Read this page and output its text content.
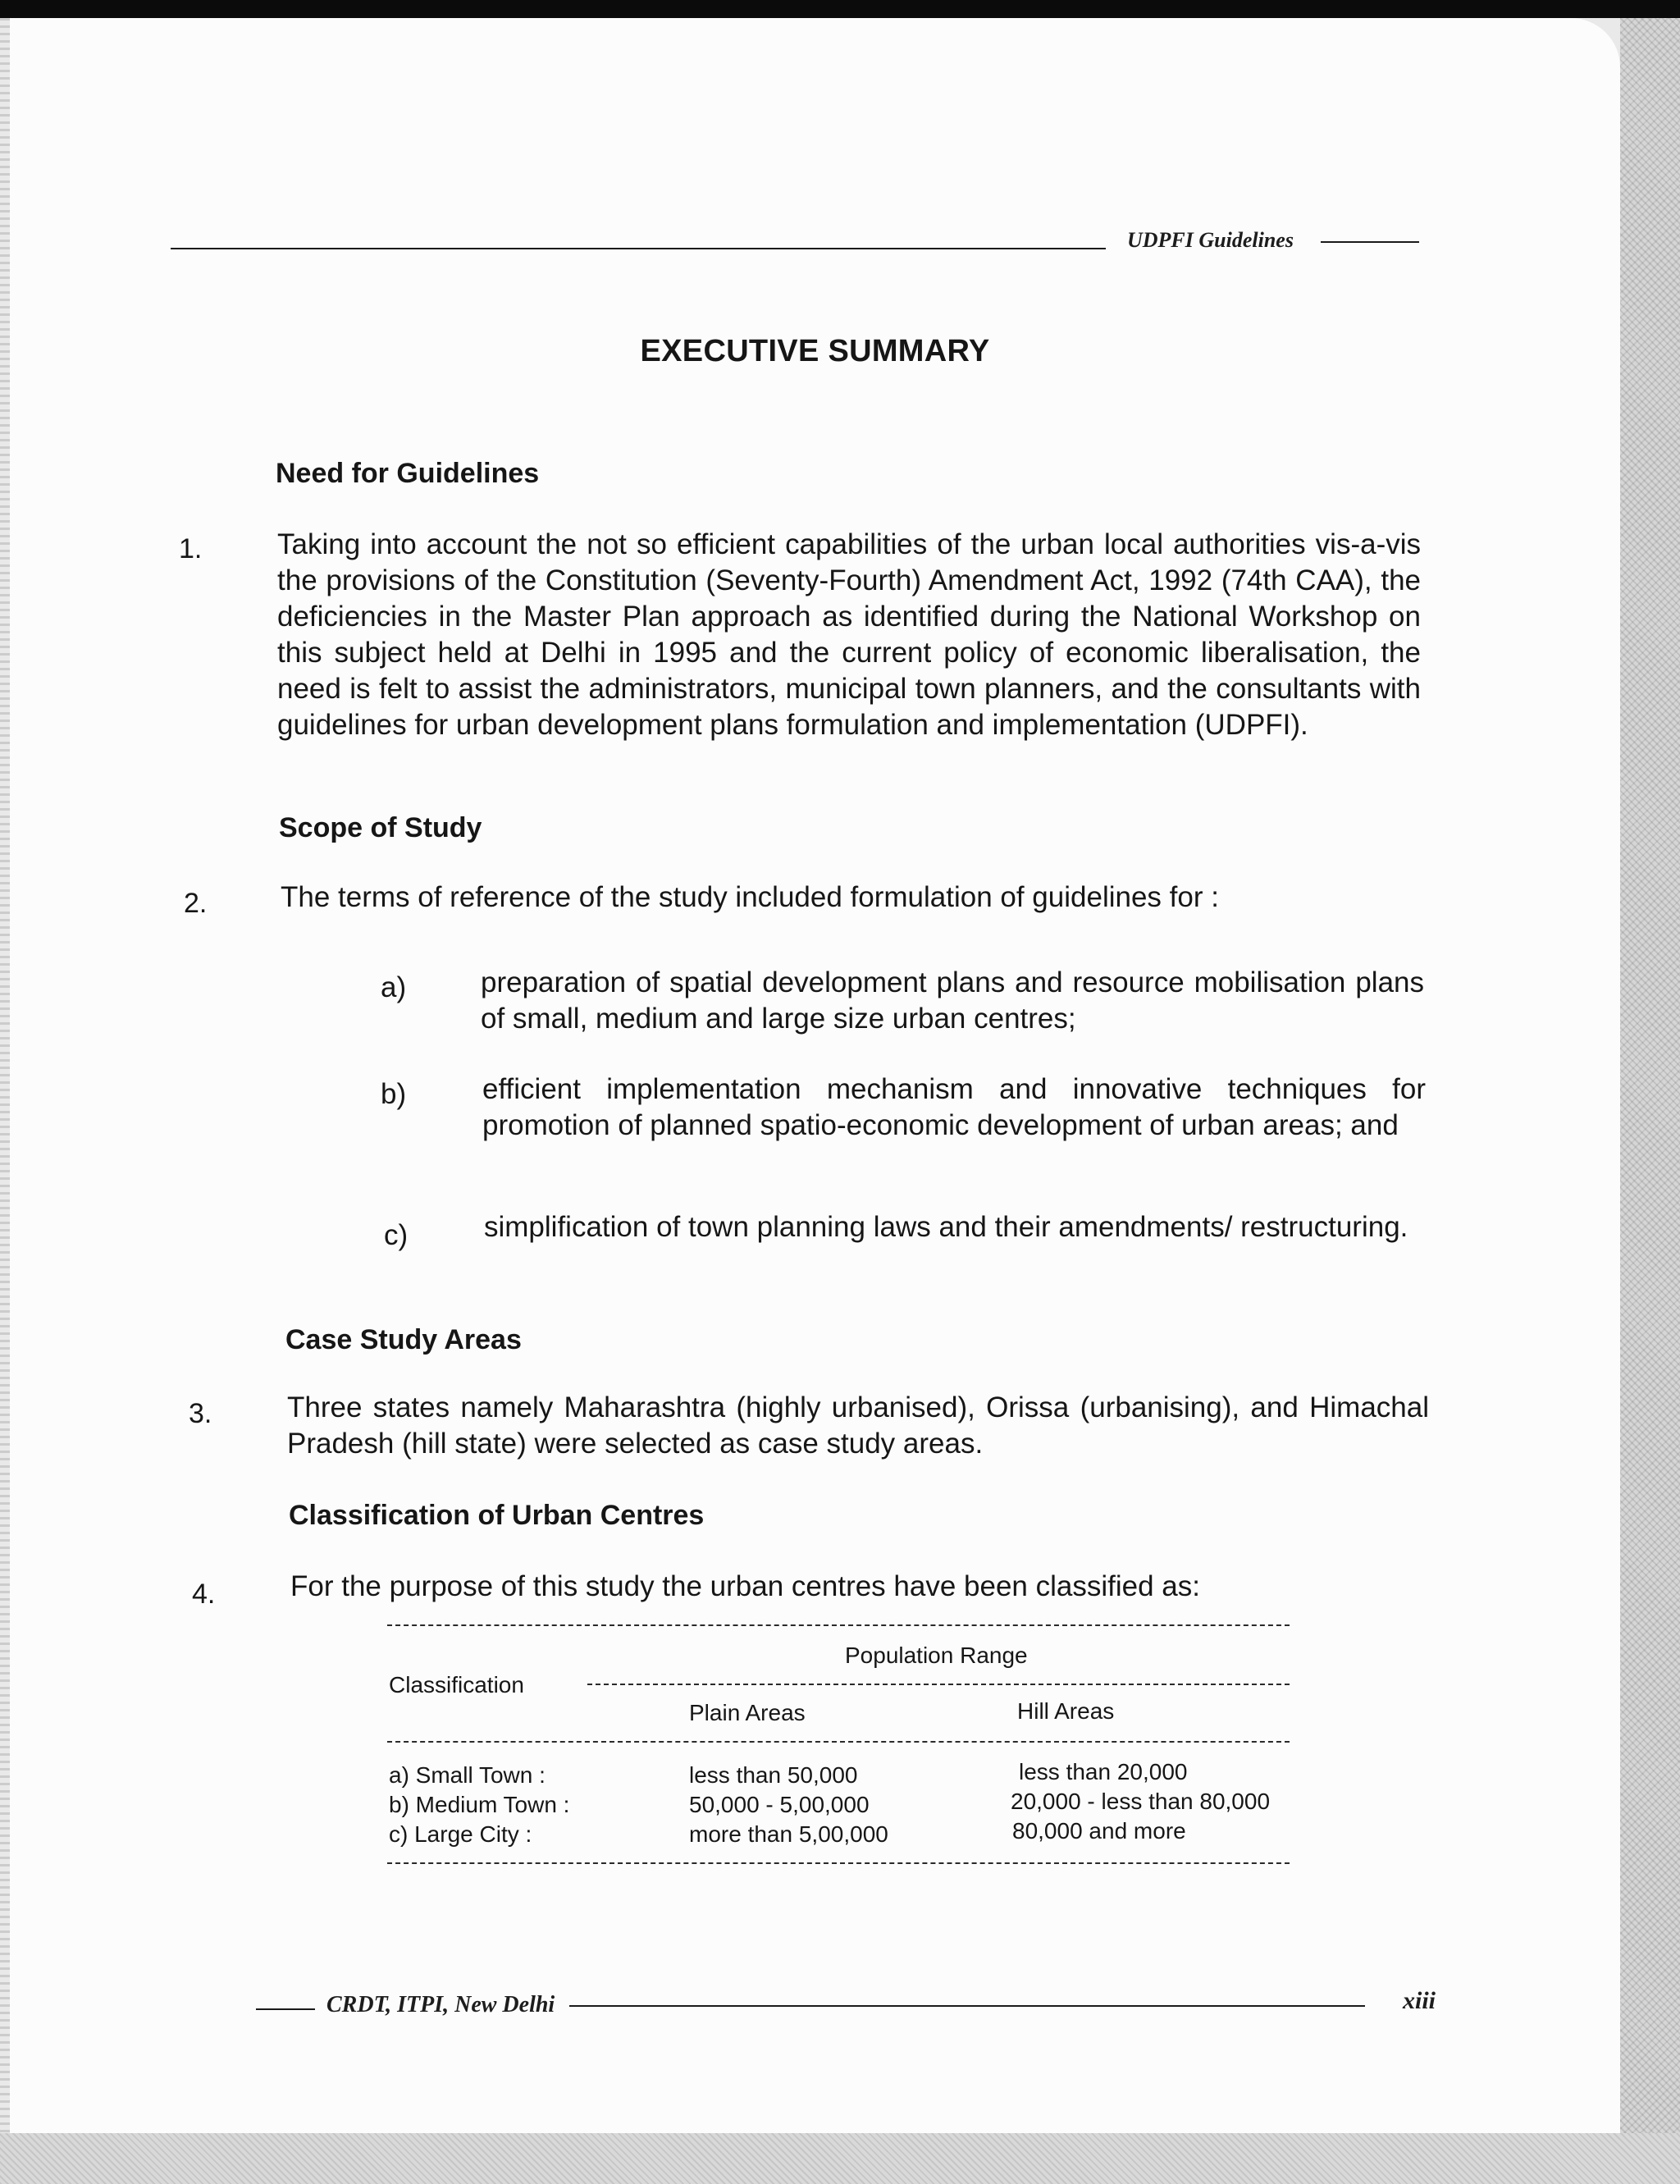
UDPFI Guidelines
EXECUTIVE SUMMARY
Need for Guidelines
1.	Taking into account the not so efficient capabilities of the urban local authorities vis-a-vis the provisions of the Constitution (Seventy-Fourth) Amendment Act, 1992 (74th CAA), the deficiencies in the Master Plan approach as identified during the National Workshop on this subject held at Delhi in 1995 and the current policy of economic liberalisation, the need is felt to assist the administrators, municipal town planners, and the consultants with guidelines for urban development plans formulation and implementation (UDPFI).
Scope of Study
2.	The terms of reference of the study included formulation of guidelines for :
a)	preparation of spatial development plans and resource mobilisation plans of small, medium and large size urban centres;
b)	efficient implementation mechanism and innovative techniques for promotion of planned spatio-economic development of urban areas; and
c)	simplification of town planning laws and their amendments/ restructuring.
Case Study Areas
3.	Three states namely Maharashtra (highly urbanised), Orissa (urbanising), and Himachal Pradesh (hill state) were selected as case study areas.
Classification of Urban Centres
4.	For the purpose of this study the urban centres have been classified as:
Population Range
Classification
Plain Areas	Hill Areas
a) Small Town :	less than 50,000	less than 20,000
b) Medium Town :	50,000 - 5,00,000	20,000 - less than 80,000
c) Large City :	more than 5,00,000	80,000 and more
CRDT, ITPI, New Delhi	xiii
